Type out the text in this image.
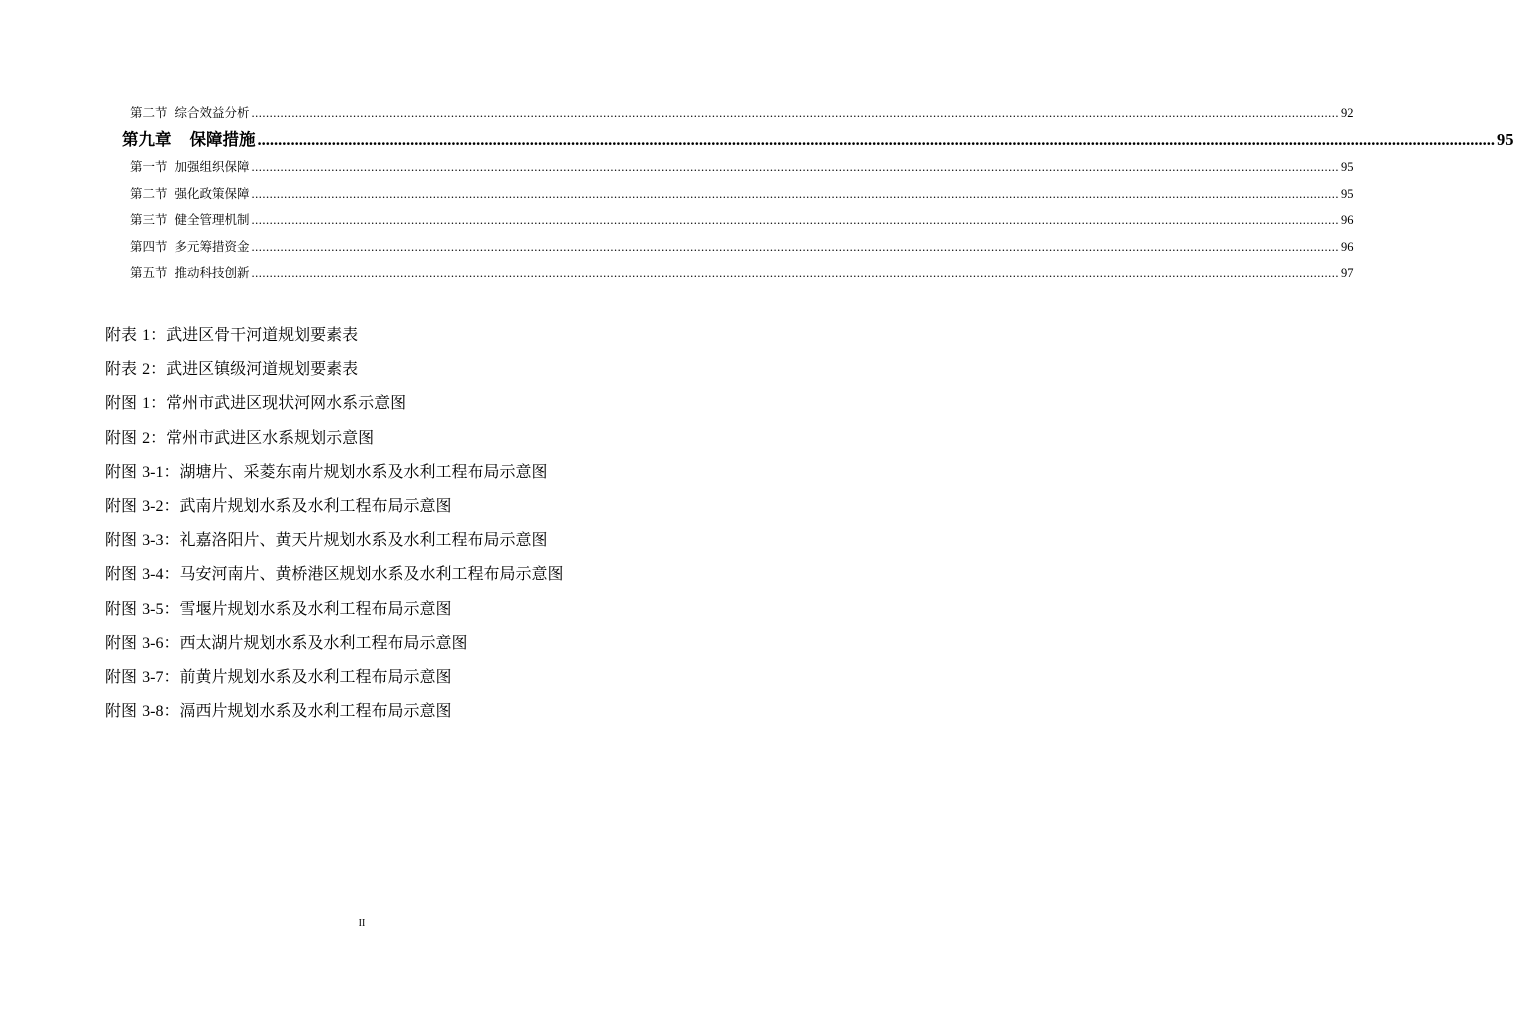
第二节 综合效益分析 ............................................................................................................................................................................................................................................................................................................ 92
第九章 保障措施 ............................................................................................................................................................................................................................................................................................................ 95
第一节 加强组织保障 ............................................................................................................................................................................................................................................................................................................ 95
第二节 强化政策保障 ............................................................................................................................................................................................................................................................................................................ 95
第三节 健全管理机制 ............................................................................................................................................................................................................................................................................................................ 96
第四节 多元筹措资金 ............................................................................................................................................................................................................................................................................................................ 96
第五节 推动科技创新 ............................................................................................................................................................................................................................................................................................................ 97
附表 1：武进区骨干河道规划要素表
附表 2：武进区镇级河道规划要素表
附图 1：常州市武进区现状河网水系示意图
附图 2：常州市武进区水系规划示意图
附图 3-1：湖塘片、采菱东南片规划水系及水利工程布局示意图
附图 3-2：武南片规划水系及水利工程布局示意图
附图 3-3：礼嘉洛阳片、黄天片规划水系及水利工程布局示意图
附图 3-4：马安河南片、黄桥港区规划水系及水利工程布局示意图
附图 3-5：雪堰片规划水系及水利工程布局示意图
附图 3-6：西太湖片规划水系及水利工程布局示意图
附图 3-7：前黄片规划水系及水利工程布局示意图
附图 3-8：滆西片规划水系及水利工程布局示意图
II
